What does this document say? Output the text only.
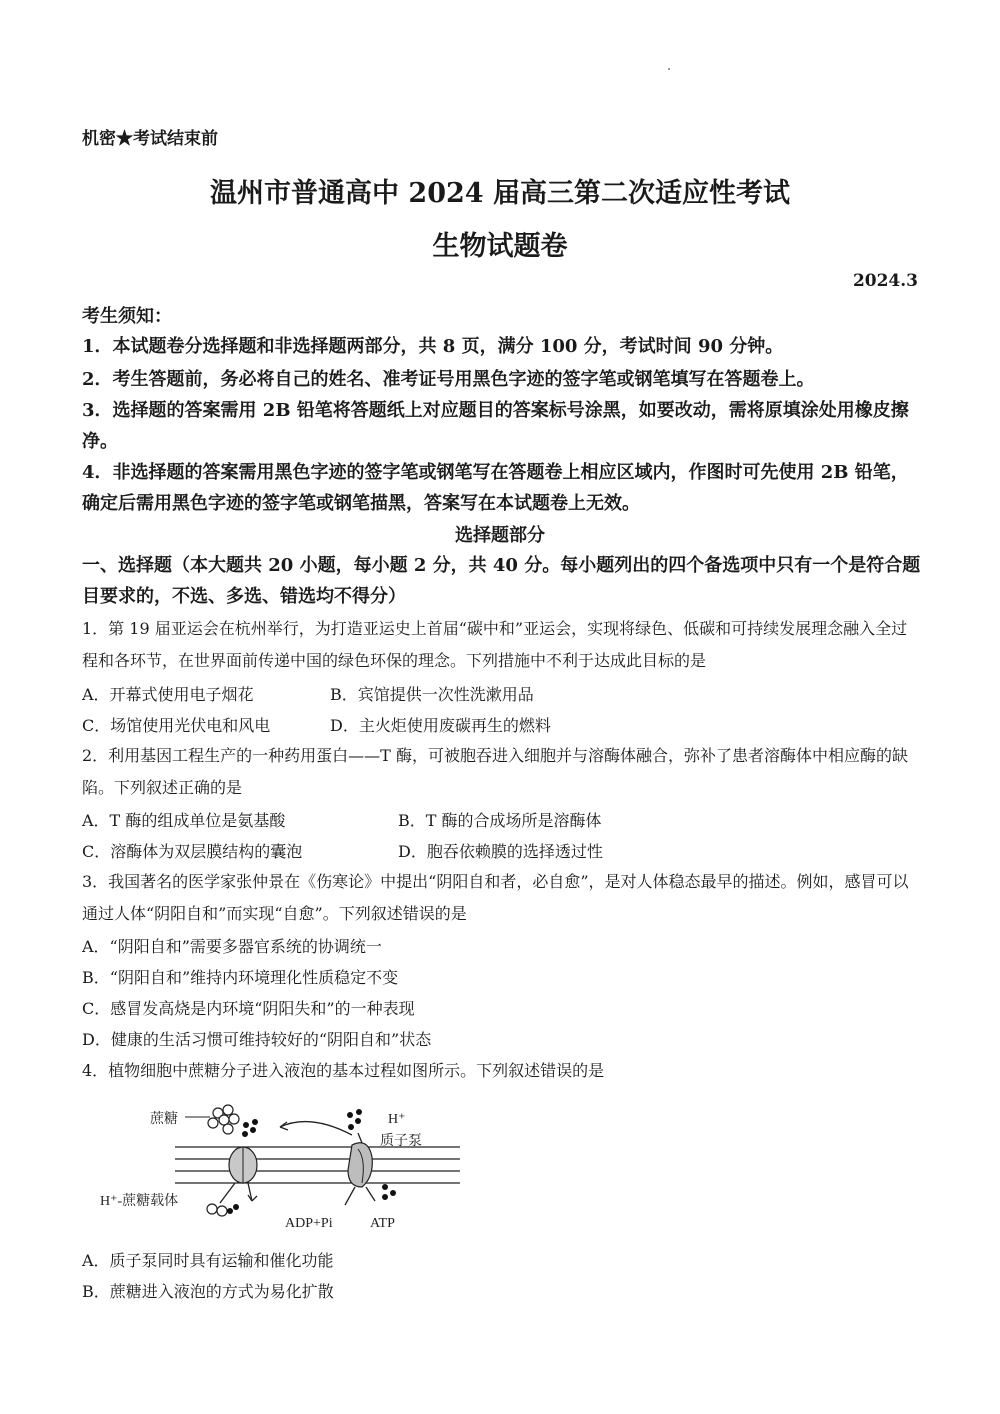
机密★考试结束前
温州市普通高中 2024 届高三第二次适应性考试
生物试题卷
2024.3
考生须知：
1．本试题卷分选择题和非选择题两部分，共 8 页，满分 100 分，考试时间 90 分钟。
2．考生答题前，务必将自己的姓名、准考证号用黑色字迹的签字笔或钢笔填写在答题卷上。
3．选择题的答案需用 2B 铅笔将答题纸上对应题目的答案标号涂黑，如要改动，需将原填涂处用橡皮擦净。
4．非选择题的答案需用黑色字迹的签字笔或钢笔写在答题卷上相应区域内，作图时可先使用 2B 铅笔，确定后需用黑色字迹的签字笔或钢笔描黑，答案写在本试题卷上无效。
选择题部分
一、选择题（本大题共 20 小题，每小题 2 分，共 40 分。每小题列出的四个备选项中只有一个是符合题目要求的，不选、多选、错选均不得分）
1．第 19 届亚运会在杭州举行，为打造亚运史上首届“碳中和”亚运会，实现将绿色、低碳和可持续发展理念融入全过程和各环节，在世界面前传递中国的绿色环保的理念。下列措施中不利于达成此目标的是
A．开幕式使用电子烟花	B．宾馆提供一次性洗漱用品
C．场馆使用光伏电和风电	D．主火炬使用废碳再生的燃料
2．利用基因工程生产的一种药用蛋白——T 酶，可被胞吞进入细胞并与溶酶体融合，弥补了患者溶酶体中相应酶的缺陷。下列叙述正确的是
A．T 酶的组成单位是氨基酸	B．T 酶的合成场所是溶酶体
C．溶酶体为双层膜结构的囊泡	D．胞吞依赖膜的选择透过性
3．我国著名的医学家张仲景在《伤寒论》中提出“阴阳自和者，必自愈”，是对人体稳态最早的描述。例如，感冒可以通过人体“阴阳自和”而实现“自愈”。下列叙述错误的是
A．“阴阳自和”需要多器官系统的协调统一
B．“阴阳自和”维持内环境理化性质稳定不变
C．感冒发高烧是内环境“阴阳失和”的一种表现
D．健康的生活习惯可维持较好的“阴阳自和”状态
4．植物细胞中蔗糖分子进入液泡的基本过程如图所示。下列叙述错误的是
蔗糖
H⁺-蔗糖载体
H⁺
质子泵
ADP+Pi	ATP
A．质子泵同时具有运输和催化功能
B．蔗糖进入液泡的方式为易化扩散
